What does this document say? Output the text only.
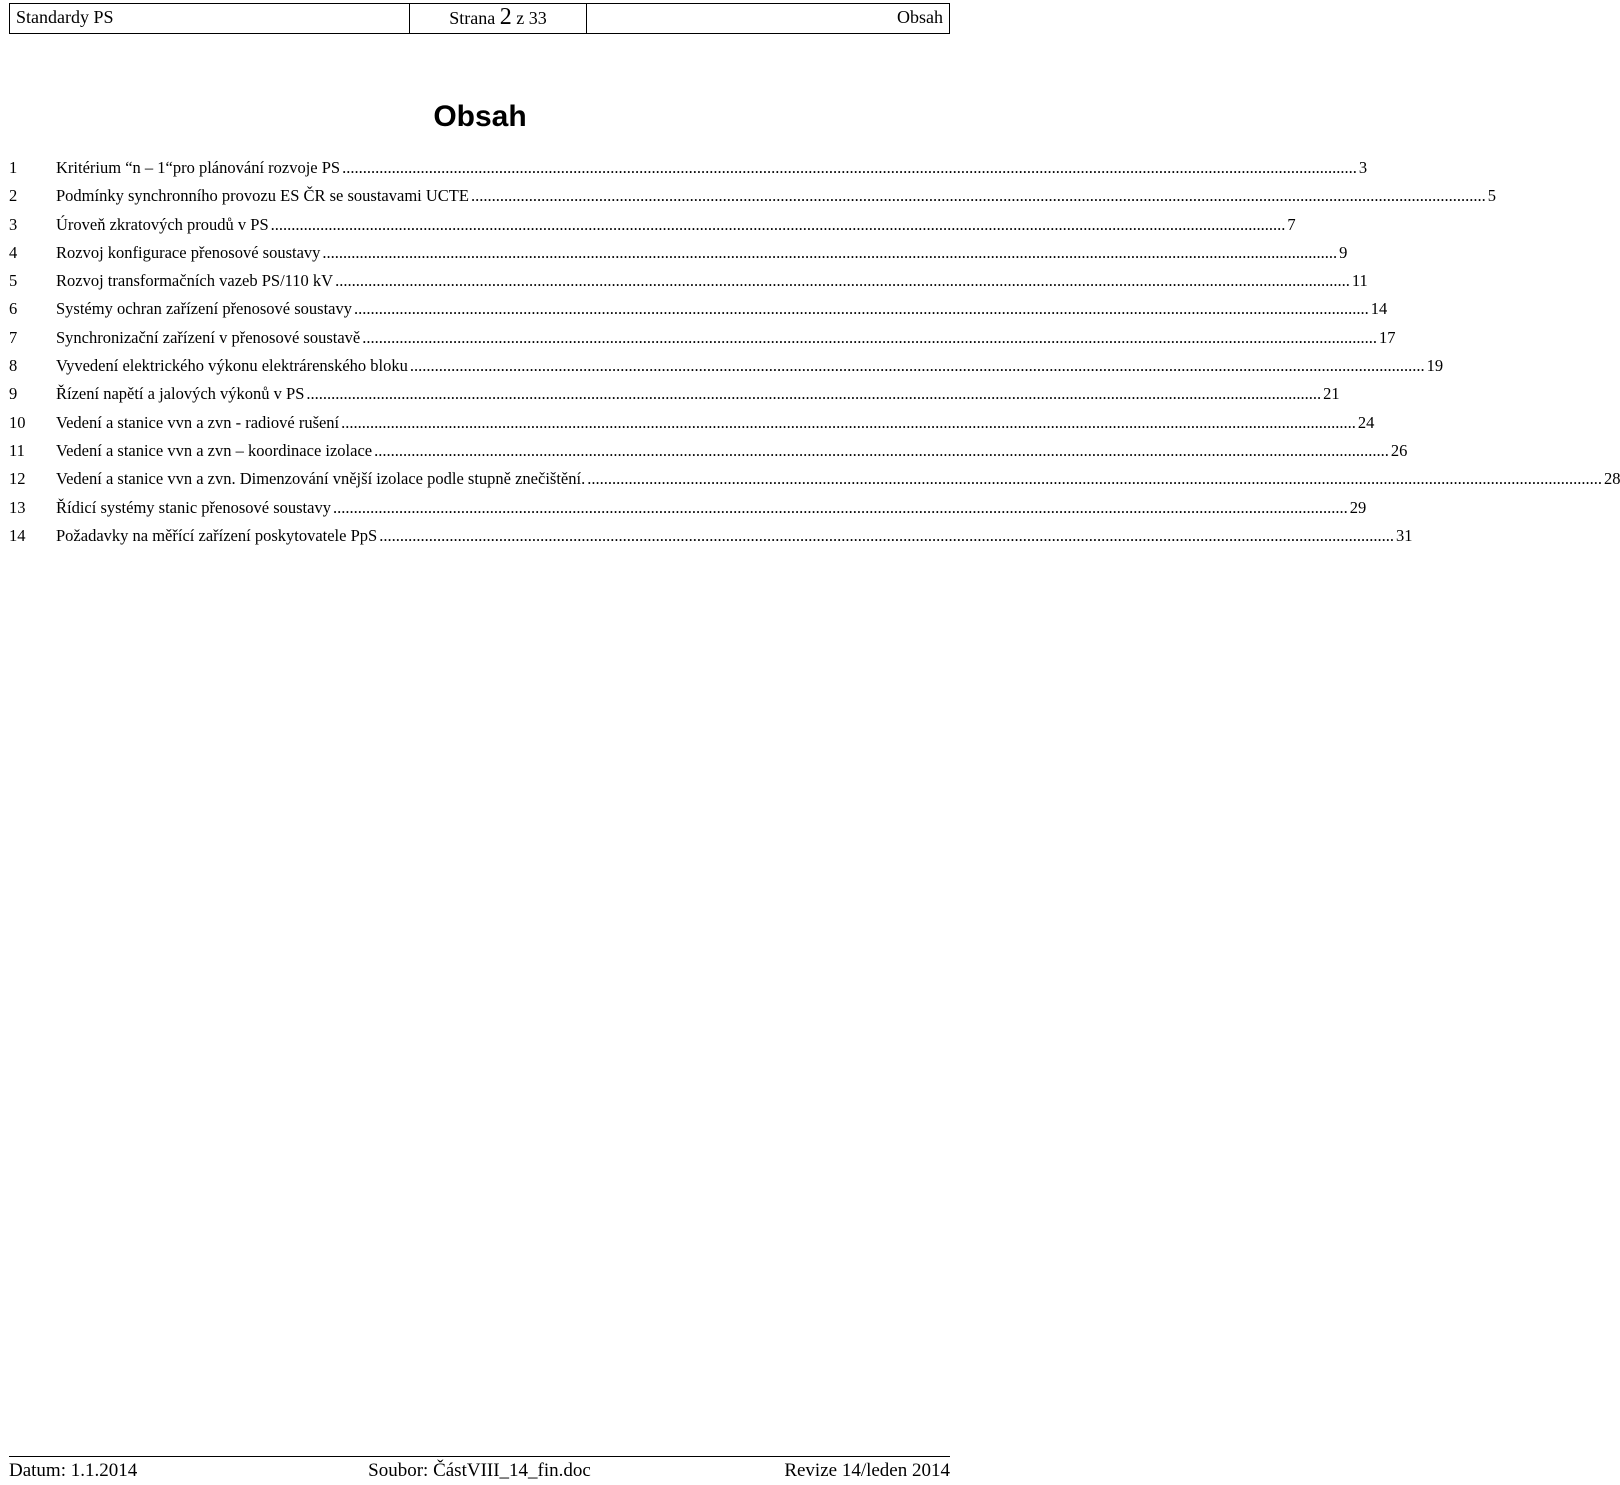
Standardy PS	Strana 2 z 33	Obsah
Obsah
1	Kritérium “n – 1“pro plánování rozvoje PS .....	3
2	Podmínky synchronního provozu ES ČR se soustavami UCTE .....	5
3	Úroveň zkratových proudů v PS .....	7
4	Rozvoj konfigurace přenosové soustavy .....	9
5	Rozvoj transformačních vazeb PS/110 kV .....	11
6	Systémy ochran zařízení přenosové soustavy .....	14
7	Synchronizační zařízení v přenosové soustavě .....	17
8	Vyvedení elektrického výkonu elektrárenského bloku .....	19
9	Řízení napětí a jalových výkonů v PS .....	21
10	Vedení a stanice vvn a zvn - radiové rušení .....	24
11	Vedení a stanice vvn a zvn – koordinace izolace .....	26
12	Vedení a stanice vvn a zvn. Dimenzování vnější izolace podle stupně znečištění. .....	28
13	Řídicí systémy stanic přenosové soustavy .....	29
14	Požadavky na měřící zařízení poskytovatele PpS .....	31
Datum: 1.1.2014	Soubor: ČástVIII_14_fin.doc	Revize 14/leden 2014
